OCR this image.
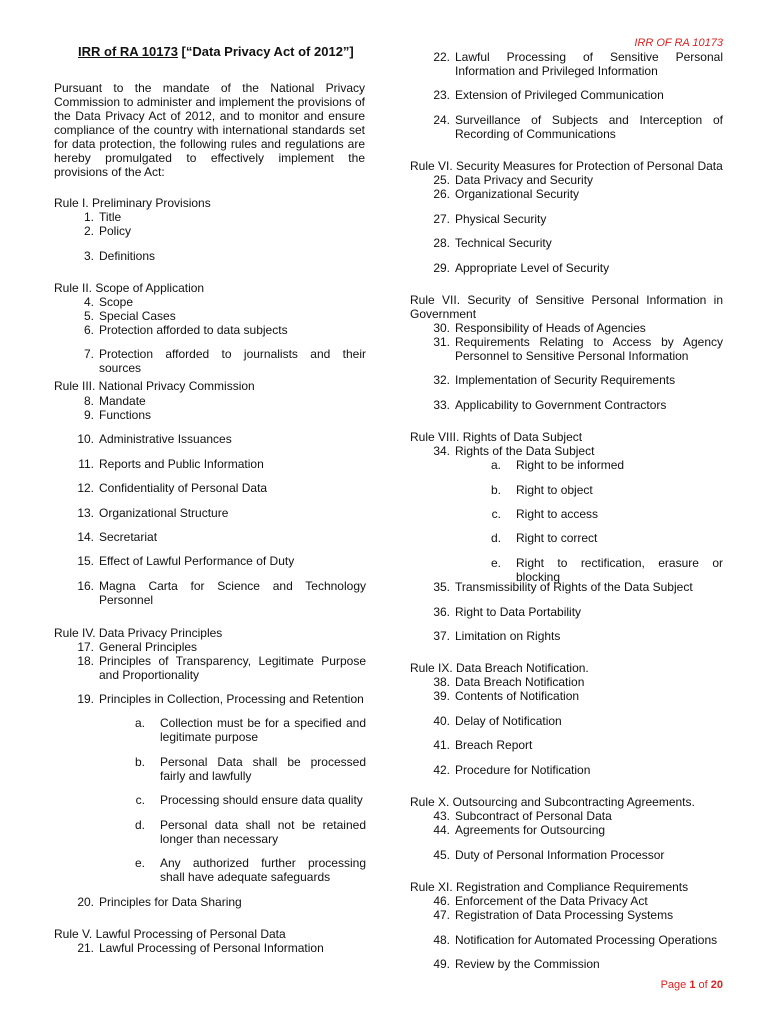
IRR OF RA 10173
IRR of RA 10173 [“Data Privacy Act of 2012”]
Pursuant to the mandate of the National Privacy Commission to administer and implement the provisions of the Data Privacy Act of 2012, and to monitor and ensure compliance of the country with international standards set for data protection, the following rules and regulations are hereby promulgated to effectively implement the provisions of the Act:
Rule I. Preliminary Provisions
1. Title
2. Policy
3. Definitions
Rule II. Scope of Application
4. Scope
5. Special Cases
6. Protection afforded to data subjects
7. Protection afforded to journalists and their sources
Rule III. National Privacy Commission
8. Mandate
9. Functions
10. Administrative Issuances
11. Reports and Public Information
12. Confidentiality of Personal Data
13. Organizational Structure
14. Secretariat
15. Effect of Lawful Performance of Duty
16. Magna Carta for Science and Technology Personnel
Rule IV. Data Privacy Principles
17. General Principles
18. Principles of Transparency, Legitimate Purpose and Proportionality
19. Principles in Collection, Processing and Retention
a.	Collection must be for a specified and legitimate purpose
b.	Personal Data shall be processed fairly and lawfully
c.	Processing should ensure data quality
d.	Personal data shall not be retained longer than necessary
e.	Any authorized further processing shall have adequate safeguards
20. Principles for Data Sharing
Rule V. Lawful Processing of Personal Data
21. Lawful Processing of Personal Information
22. Lawful Processing of Sensitive Personal Information and Privileged Information
23. Extension of Privileged Communication
24. Surveillance of Subjects and Interception of Recording of Communications
Rule VI. Security Measures for Protection of Personal Data
25. Data Privacy and Security
26. Organizational Security
27. Physical Security
28. Technical Security
29. Appropriate Level of Security
Rule VII. Security of Sensitive Personal Information in Government
30. Responsibility of Heads of Agencies
31. Requirements Relating to Access by Agency Personnel to Sensitive Personal Information
32. Implementation of Security Requirements
33. Applicability to Government Contractors
Rule VIII. Rights of Data Subject
34. Rights of the Data Subject
a.	Right to be informed
b.	Right to object
c.	Right to access
d.	Right to correct
e.	Right to rectification, erasure or blocking
35. Transmissibility of Rights of the Data Subject
36. Right to Data Portability
37. Limitation on Rights
Rule IX. Data Breach Notification.
38. Data Breach Notification
39. Contents of Notification
40. Delay of Notification
41. Breach Report
42. Procedure for Notification
Rule X. Outsourcing and Subcontracting Agreements.
43. Subcontract of Personal Data
44. Agreements for Outsourcing
45. Duty of Personal Information Processor
Rule XI. Registration and Compliance Requirements
46. Enforcement of the Data Privacy Act
47. Registration of Data Processing Systems
48. Notification for Automated Processing Operations
49. Review by the Commission
Page 1 of 20
